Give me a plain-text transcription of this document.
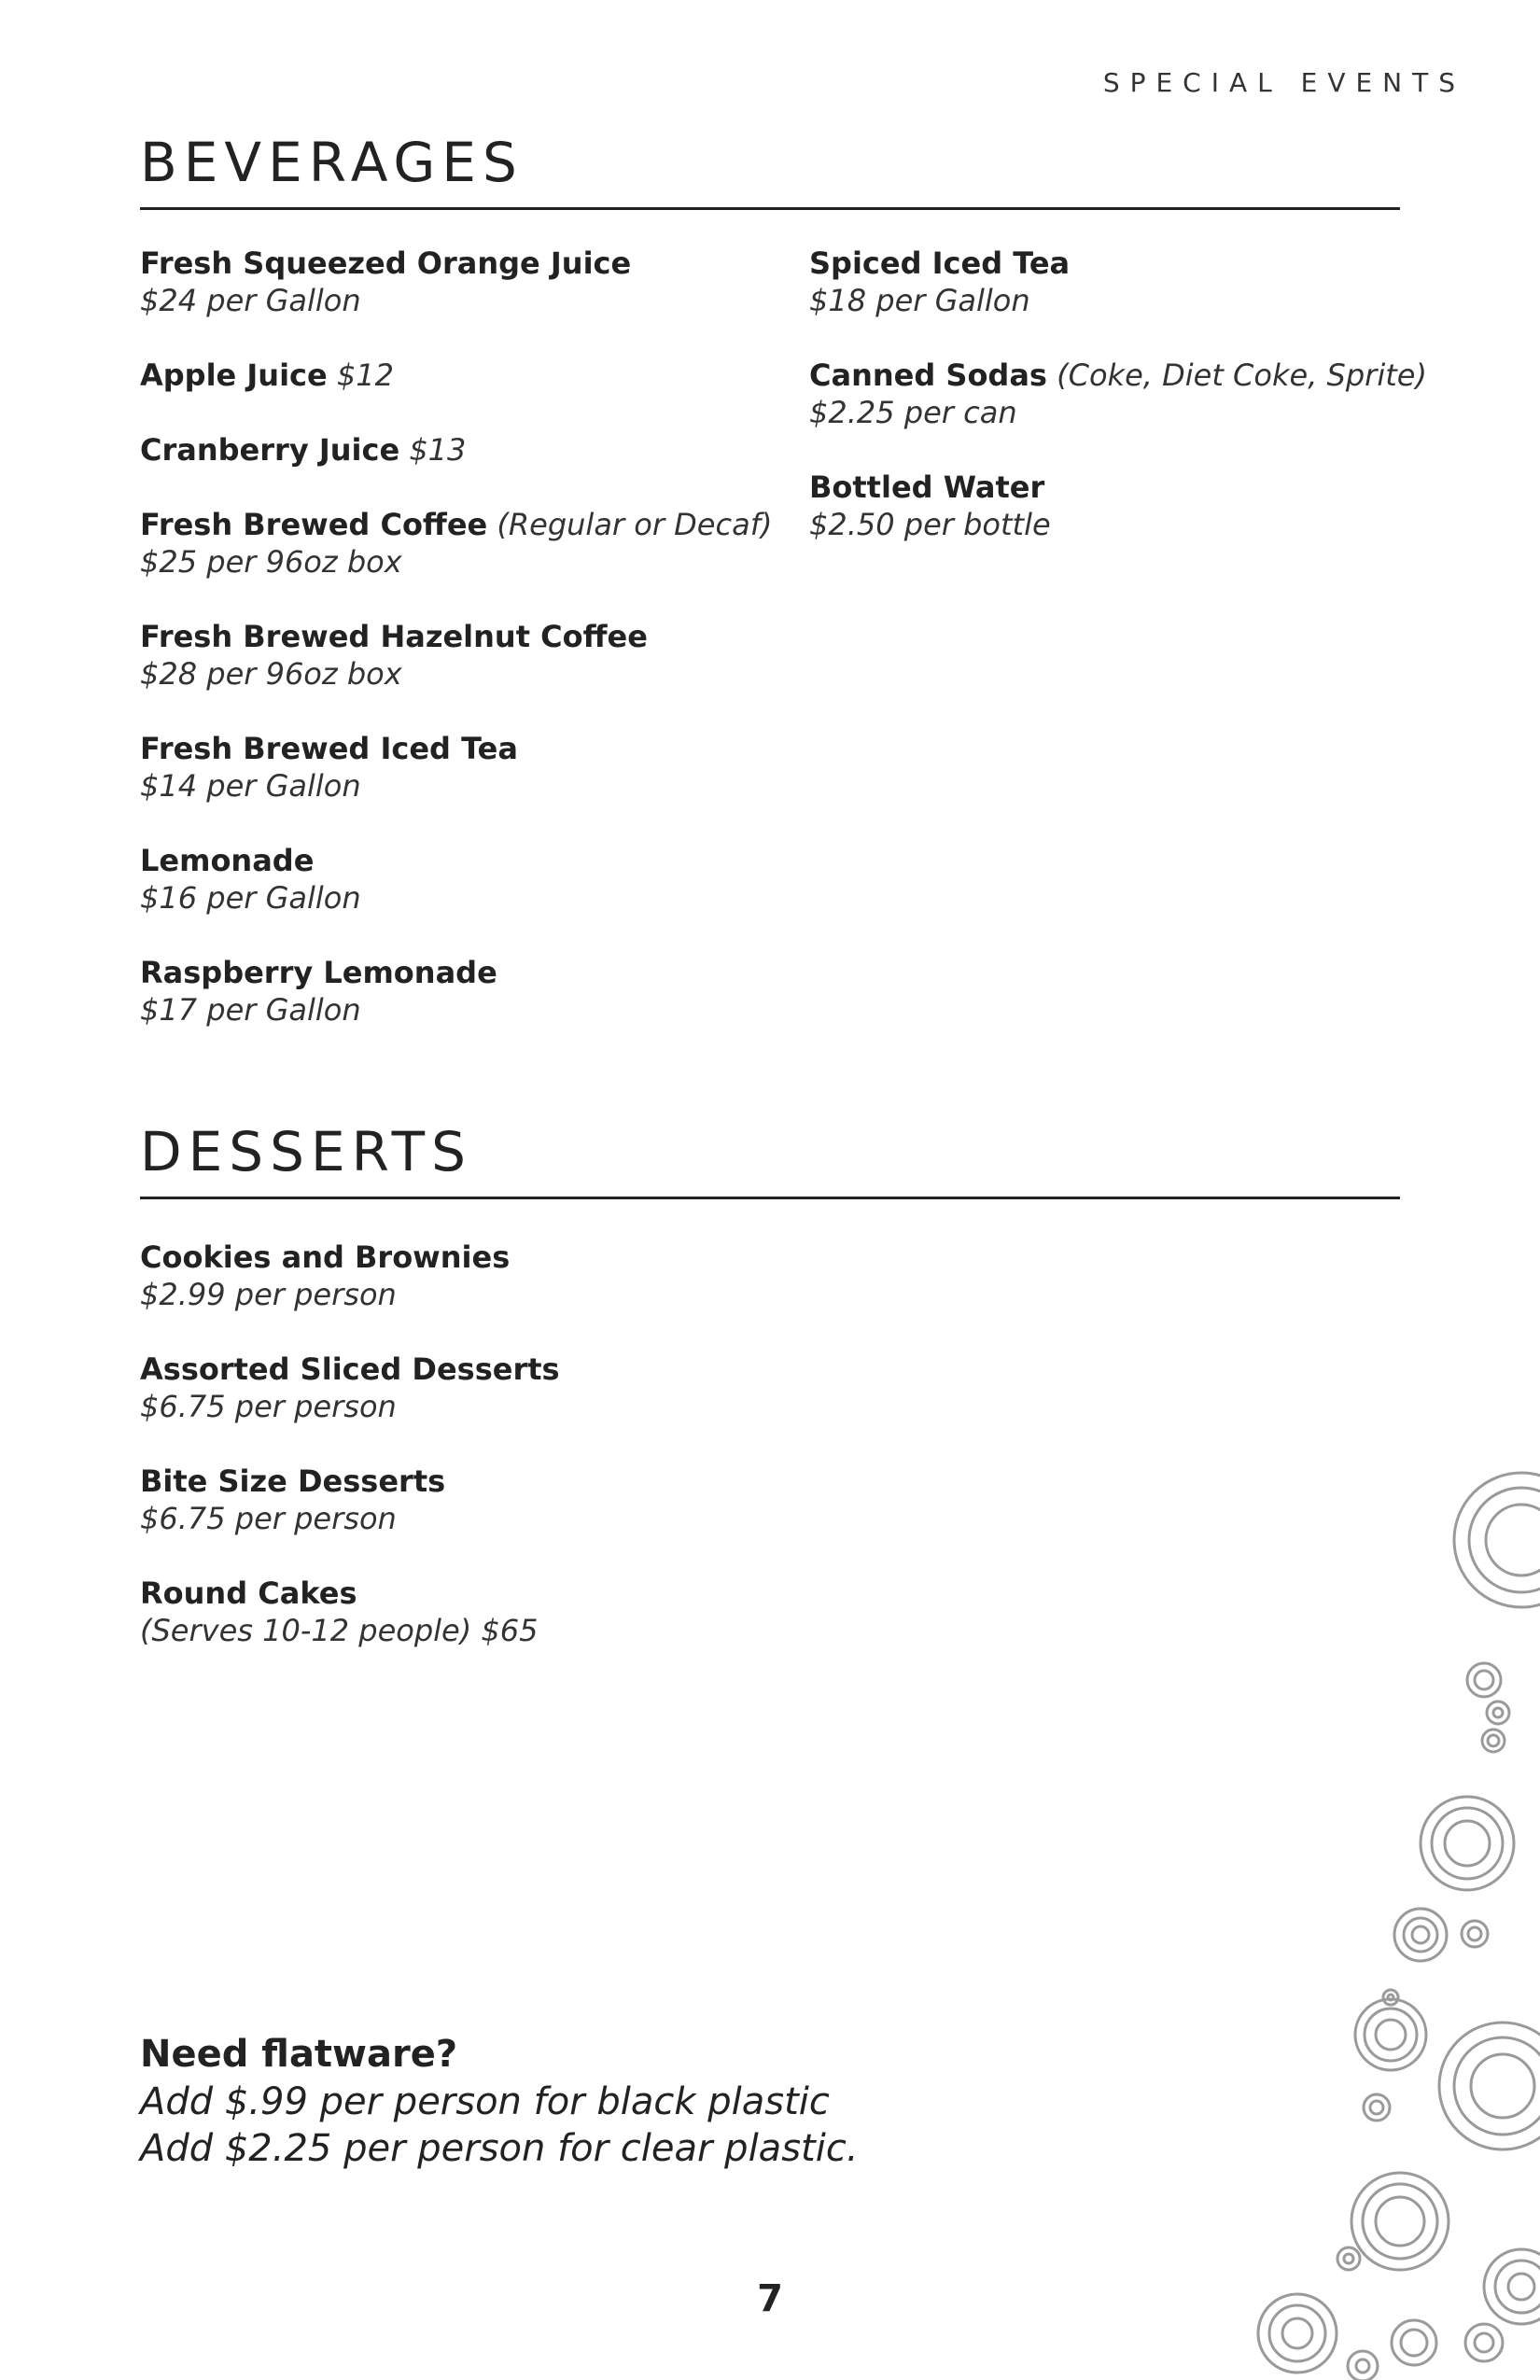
SPECIAL EVENTS
BEVERAGES
Fresh Squeezed Orange Juice
$24 per Gallon
Apple Juice $12
Cranberry Juice $13
Fresh Brewed Coffee (Regular or Decaf)
$25 per 96oz box
Fresh Brewed Hazelnut Coffee
$28 per 96oz box
Fresh Brewed Iced Tea
$14 per Gallon
Lemonade
$16 per Gallon
Raspberry Lemonade
$17 per Gallon
Spiced Iced Tea
$18 per Gallon
Canned Sodas (Coke, Diet Coke, Sprite)
$2.25 per can
Bottled Water
$2.50 per bottle
DESSERTS
Cookies and Brownies
$2.99 per person
Assorted Sliced Desserts
$6.75 per person
Bite Size Desserts
$6.75 per person
Round Cakes
(Serves 10-12 people) $65
Need flatware?
Add $.99 per person for black plastic
Add $2.25 per person for clear plastic.
7
